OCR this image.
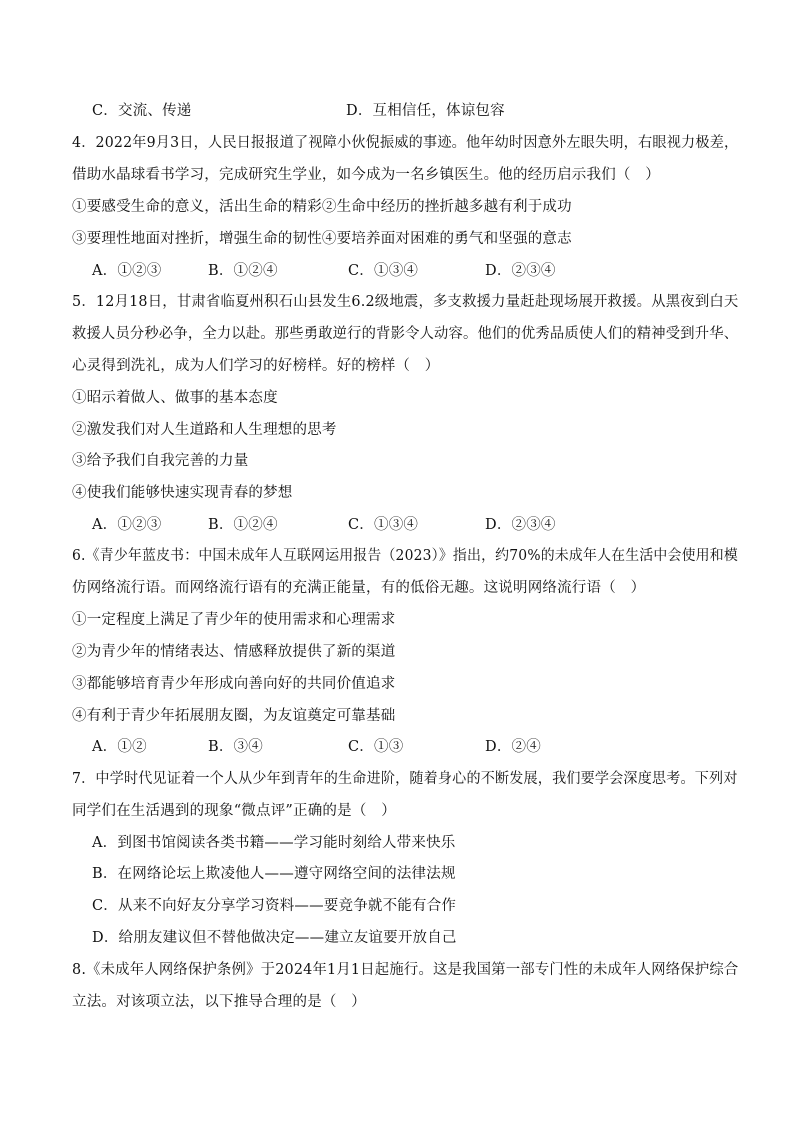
C．交流、传递	D．互相信任，体谅包容
4．2022年9月3日，人民日报报道了视障小伙倪振威的事迹。他年幼时因意外左眼失明，右眼视力极差，
借助水晶球看书学习，完成研究生学业，如今成为一名乡镇医生。他的经历启示我们（　）
①要感受生命的意义，活出生命的精彩②生命中经历的挫折越多越有利于成功
③要理性地面对挫折，增强生命的韧性④要培养面对困难的勇气和坚强的意志
A．①②③	B．①②④	C．①③④	D．②③④
5．12月18日，甘肃省临夏州积石山县发生6.2级地震，多支救援力量赶赴现场展开救援。从黑夜到白天
救援人员分秒必争，全力以赴。那些勇敢逆行的背影令人动容。他们的优秀品质使人们的精神受到升华、
心灵得到洗礼，成为人们学习的好榜样。好的榜样（　）
①昭示着做人、做事的基本态度
②激发我们对人生道路和人生理想的思考
③给予我们自我完善的力量
④使我们能够快速实现青春的梦想
A．①②③	B．①②④	C．①③④	D．②③④
6.《青少年蓝皮书：中国未成年人互联网运用报告（2023）》指出，约70%的未成年人在生活中会使用和模
仿网络流行语。而网络流行语有的充满正能量，有的低俗无趣。这说明网络流行语（　）
①一定程度上满足了青少年的使用需求和心理需求
②为青少年的情绪表达、情感释放提供了新的渠道
③都能够培育青少年形成向善向好的共同价值追求
④有利于青少年拓展朋友圈，为友谊奠定可靠基础
A．①②	B．③④	C．①③	D．②④
7．中学时代见证着一个人从少年到青年的生命进阶，随着身心的不断发展，我们要学会深度思考。下列对
同学们在生活遇到的现象“微点评”正确的是（　）
A．到图书馆阅读各类书籍——学习能时刻给人带来快乐
B．在网络论坛上欺凌他人——遵守网络空间的法律法规
C．从来不向好友分享学习资料——要竞争就不能有合作
D．给朋友建议但不替他做决定——建立友谊要开放自己
8.《未成年人网络保护条例》于2024年1月1日起施行。这是我国第一部专门性的未成年人网络保护综合
立法。对该项立法，以下推导合理的是（　）
